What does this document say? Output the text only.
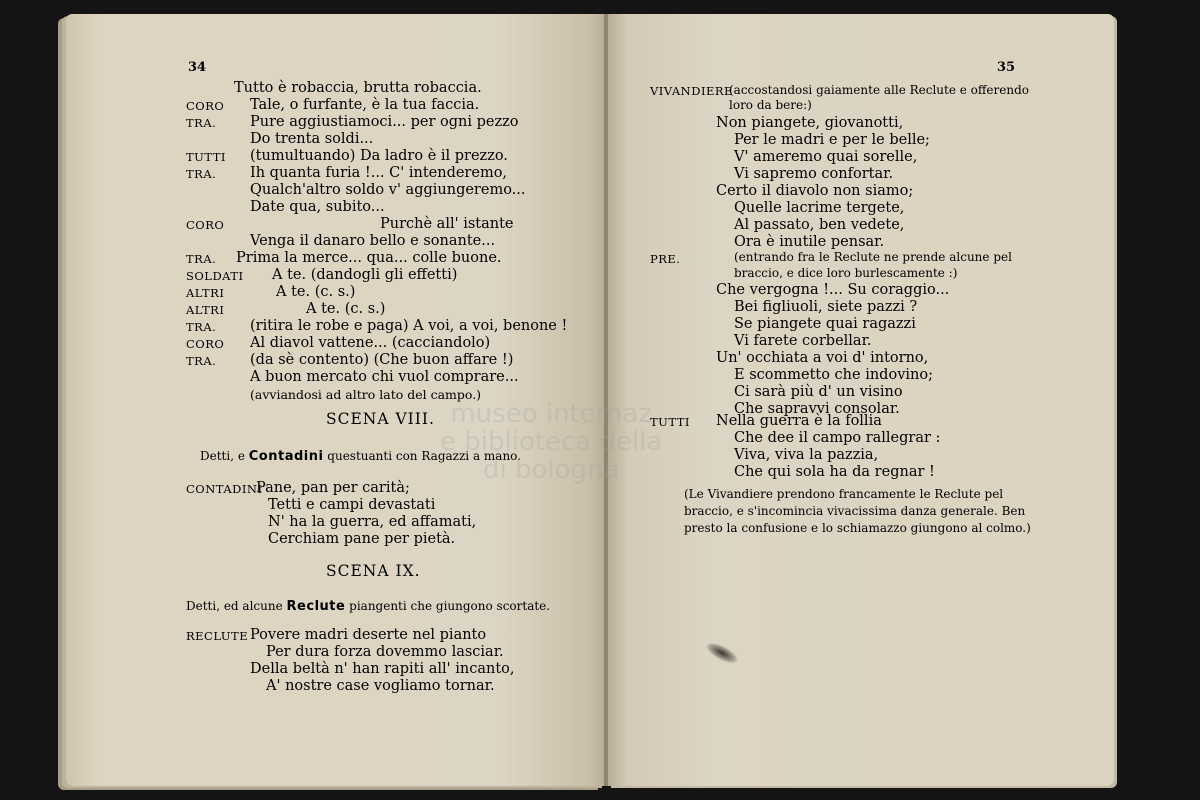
34
Tutto è robaccia, brutta robaccia.
CORO Tale, o furfante, è la tua faccia.
TRA. Pure aggiustiamoci... per ogni pezzo
Do trenta soldi...
TUTTI (tumultuando) Da ladro è il prezzo.
TRA. Ih quanta furia !... C' intenderemo,
Qualch'altro soldo v' aggiungeremo...
Date qua, subito...
CORO	Purchè all' istante
Venga il danaro bello e sonante...
TRA. Prima la merce... qua... colle buone.
SOLDATI A te. (dandogli gli effetti)
ALTRI	A te. (c. s.)
ALTRI	A te. (c. s.)
TRA. (ritira le robe e paga) A voi, a voi, benone !
CORO Al diavol vattene... (cacciandolo)
TRA. (da sè contento) (Che buon affare !)
A buon mercato chi vuol comprare...
(avviandosi ad altro lato del campo.)
SCENA VIII.
Detti, e Contadini questuanti con Ragazzi a mano.
CONTADINI
Pane, pan per carità;
Tetti e campi devastati
N' ha la guerra, ed affamati,
Cerchiam pane per pietà.
SCENA IX.
Detti, ed alcune Reclute piangenti che giungono scortate.
RECLUTE Povere madri deserte nel pianto
Per dura forza dovemmo lasciar.
Della beltà n' han rapiti all' incanto,
A' nostre case vogliamo tornar.
35
VIVANDIERE
(accostandosi gaiamente alle Reclute e offerendo
loro da bere:)
Non piangete, giovanotti,
Per le madri e per le belle;
V' ameremo quai sorelle,
Vi sapremo confortar.
Certo il diavolo non siamo;
Quelle lacrime tergete,
Al passato, ben vedete,
Ora è inutile pensar.
PRE.	(entrando fra le Reclute ne prende alcune pel
braccio, e dice loro burlescamente :)
Che vergogna !... Su coraggio...
Bei figliuoli, siete pazzi ?
Se piangete quai ragazzi
Vi farete corbellar.
Un' occhiata a voi d' intorno,
E scommetto che indovino;
Ci sarà più d' un visino
Che sapravvi consolar.
TUTTI Nella guerra è la follia
Che dee il campo rallegrar :
Viva, viva la pazzia,
Che qui sola ha da regnar !
(Le Vivandiere prendono francamente le Reclute pel
braccio, e s'incomincia vivacissima danza generale. Ben
presto la confusione e lo schiamazzo giungono al colmo.)
museo internaz
e biblioteca della
di bologna
